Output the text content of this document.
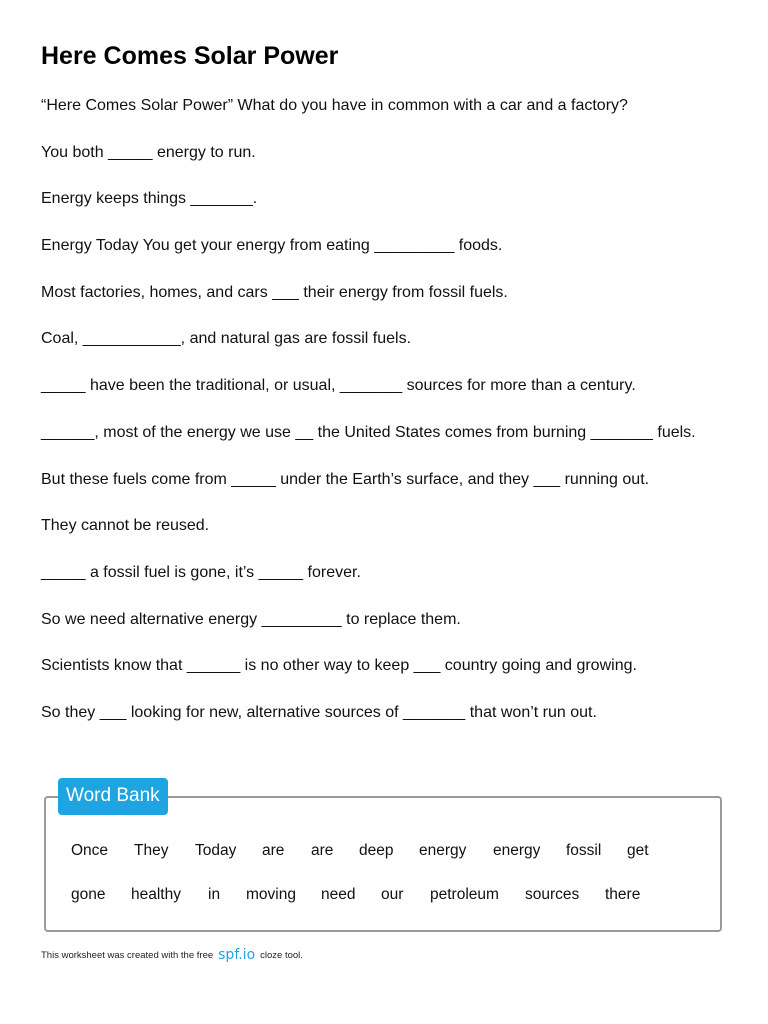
Here Comes Solar Power

“Here Comes Solar Power” What do you have in common with a car and a factory?

You both _____ energy to run.

Energy keeps things _______.

Energy Today You get your energy from eating _________ foods.

Most factories, homes, and cars ___ their energy from fossil fuels.

Coal, ___________, and natural gas are fossil fuels.

_____ have been the traditional, or usual, _______ sources for more than a century.

______, most of the energy we use __ the United States comes from burning _______ fuels.

But these fuels come from _____ under the Earth’s surface, and they ___ running out.

They cannot be reused.

_____ a fossil fuel is gone, it’s _____ forever.

So we need alternative energy _________ to replace them.

Scientists know that ______ is no other way to keep ___ country going and growing.

So they ___ looking for new, alternative sources of _______ that won’t run out.

Word Bank
Once	They	Today	are	are	deep	energy	energy	fossil	get
gone	healthy	in	moving	need	our	petroleum	sources	there
This worksheet was created with the free spf.io cloze tool.
